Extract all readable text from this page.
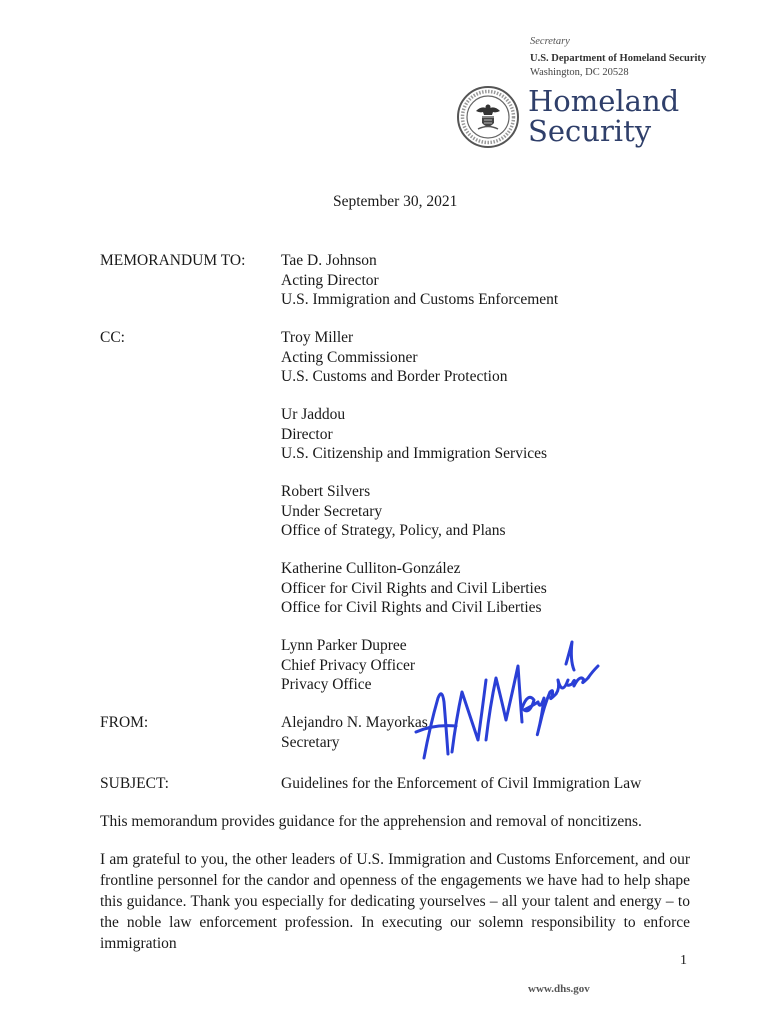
Secretary
U.S. Department of Homeland Security
Washington, DC 20528
Homeland
Security
September 30, 2021
MEMORANDUM TO: Tae D. Johnson
Acting Director
U.S. Immigration and Customs Enforcement
CC:	Troy Miller
Acting Commissioner
U.S. Customs and Border Protection
Ur Jaddou
Director
U.S. Citizenship and Immigration Services
Robert Silvers
Under Secretary
Office of Strategy, Policy, and Plans
Katherine Culliton-González
Officer for Civil Rights and Civil Liberties
Office for Civil Rights and Civil Liberties
Lynn Parker Dupree
Chief Privacy Officer
Privacy Office
FROM:	Alejandro N. Mayorkas
Secretary
SUBJECT:	Guidelines for the Enforcement of Civil Immigration Law
This memorandum provides guidance for the apprehension and removal of noncitizens.
I am grateful to you, the other leaders of U.S. Immigration and Customs Enforcement, and our frontline personnel for the candor and openness of the engagements we have had to help shape this guidance. Thank you especially for dedicating yourselves – all your talent and energy – to the noble law enforcement profession. In executing our solemn responsibility to enforce immigration
1
www.dhs.gov
